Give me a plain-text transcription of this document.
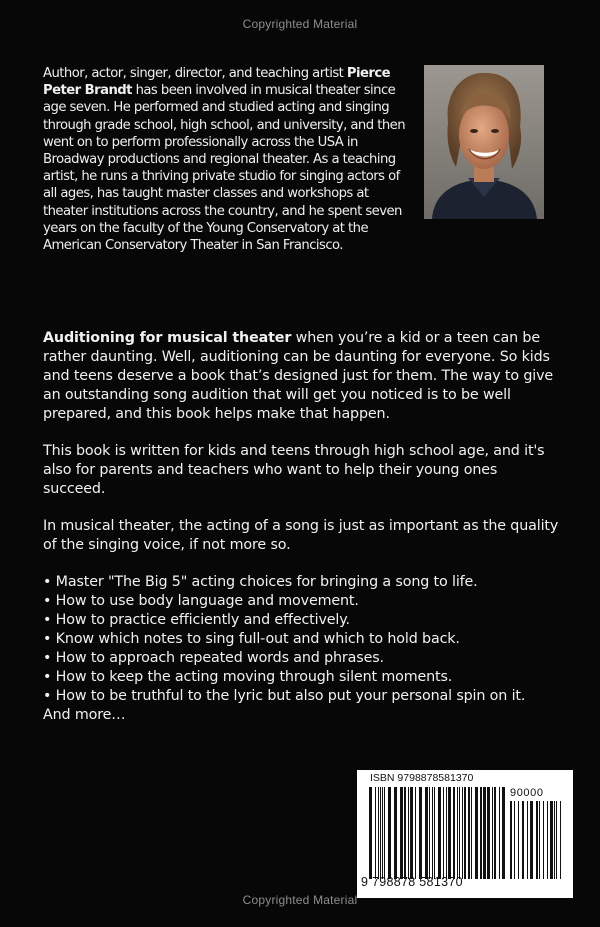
Copyrighted Material
Author, actor, singer, director, and teaching artist Pierce Peter Brandt has been involved in musical theater since age seven. He performed and studied acting and singing through grade school, high school, and university, and then went on to perform professionally across the USA in Broadway productions and regional theater. As a teaching artist, he runs a thriving private studio for singing actors of all ages, has taught master classes and workshops at theater institutions across the country, and he spent seven years on the faculty of the Young Conservatory at the American Conservatory Theater in San Francisco.

Auditioning for musical theater when you’re a kid or a teen can be rather daunting. Well, auditioning can be daunting for everyone. So kids and teens deserve a book that’s designed just for them. The way to give an outstanding song audition that will get you noticed is to be well prepared, and this book helps make that happen.

This book is written for kids and teens through high school age, and it's also for parents and teachers who want to help their young ones succeed.

In musical theater, the acting of a song is just as important as the quality of the singing voice, if not more so.

• Master "The Big 5" acting choices for bringing a song to life.
• How to use body language and movement.
• How to practice efficiently and effectively.
• Know which notes to sing full-out and which to hold back.
• How to approach repeated words and phrases.
• How to keep the acting moving through silent moments.
• How to be truthful to the lyric but also put your personal spin on it.

And more…

ISBN 9798878581370
90000
9 798878 581370
Copyrighted Material
